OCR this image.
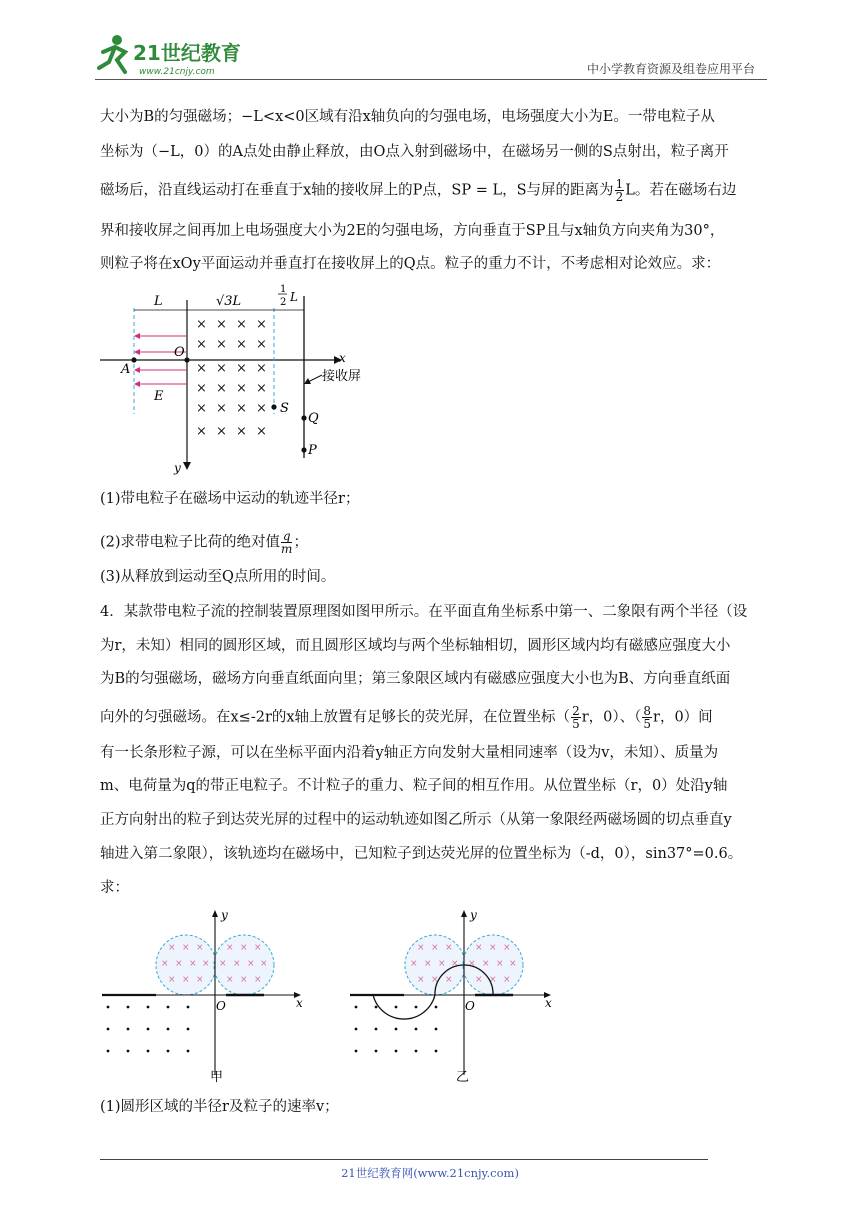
21世纪教育
www.21cnjy.com	中小学教育资源及组卷应用平台
大小为B的匀强磁场；−L<x<0区域有沿x轴负向的匀强电场，电场强度大小为E。一带电粒子从
坐标为（−L，0）的A点处由静止释放，由O点入射到磁场中，在磁场另一侧的S点射出，粒子离开
磁场后，沿直线运动打在垂直于x轴的接收屏上的P点，SP = L，S与屏的距离为 $\frac{1}{2}$ L。若在磁场右边
界和接收屏之间再加上电场强度大小为2E的匀强电场，方向垂直于SP且与x轴负方向夹角为30°，
则粒子将在xOy平面运动并垂直打在接收屏上的Q点。粒子的重力不计，不考虑相对论效应。求：
x
y
L	√3L
1
2 L
× × × ×
× × × ×
× × × ×
× × × ×
× × × ×
× × × ×
O
A
E
S
Q
P
接收屏
(1)带电粒子在磁场中运动的轨迹半径r；
(2)求带电粒子比荷的绝对值 $\frac{q}{m}$ ；
(3)从释放到运动至Q点所用的时间。
4．某款带电粒子流的控制装置原理图如图甲所示。在平面直角坐标系中第一、二象限有两个半径（设
为r，未知）相同的圆形区域，而且圆形区域均与两个坐标轴相切，圆形区域内均有磁感应强度大小
为B的匀强磁场，磁场方向垂直纸面向里；第三象限区域内有磁感应强度大小也为B、方向垂直纸面
向外的匀强磁场。在x≤-2r的x轴上放置有足够长的荧光屏，在位置坐标（ $\frac{2}{5}$ r，0）、（ $\frac{8}{5}$ r，0）间
有一长条形粒子源，可以在坐标平面内沿着y轴正方向发射大量相同速率（设为v，未知）、质量为
m、电荷量为q的带正电粒子。不计粒子的重力、粒子间的相互作用。从位置坐标（r，0）处沿y轴
正方向射出的粒子到达荧光屏的过程中的运动轨迹如图乙所示（从第一象限经两磁场圆的切点垂直y
轴进入第二象限），该轨迹均在磁场中，已知粒子到达荧光屏的位置坐标为（-d，0），sin37°=0.6。
求：
× × ×
× × × ×
× × ×
× × ×
× × × ×
× × ×
x
y
O
甲
× × ×
× × × ×
× × ×
× × ×
× × × ×
× × ×
x
y
O
乙
(1)圆形区域的半径r及粒子的速率v；
21世纪教育网(www.21cnjy.com)
